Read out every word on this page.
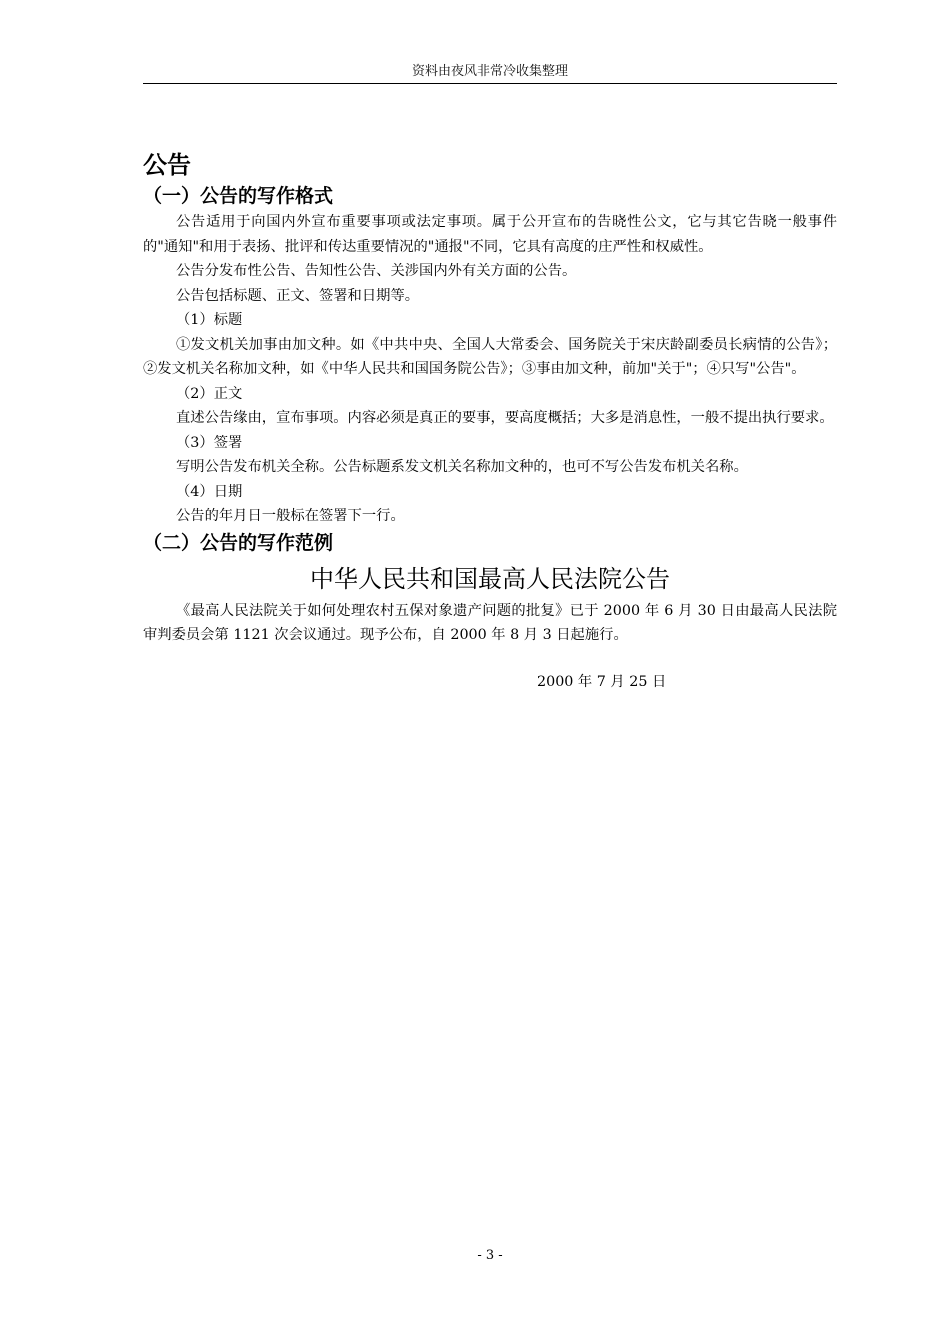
资料由夜风非常冷收集整理
公告
（一）公告的写作格式

公告适用于向国内外宣布重要事项或法定事项。属于公开宣布的告晓性公文，它与其它告晓一般事件的"通知"和用于表扬、批评和传达重要情况的"通报"不同，它具有高度的庄严性和权威性。

公告分发布性公告、告知性公告、关涉国内外有关方面的公告。

公告包括标题、正文、签署和日期等。

（1）标题

①发文机关加事由加文种。如《中共中央、全国人大常委会、国务院关于宋庆龄副委员长病情的公告》；②发文机关名称加文种，如《中华人民共和国国务院公告》；③事由加文种，前加"关于"；④只写"公告"。

（2）正文

直述公告缘由，宣布事项。内容必须是真正的要事，要高度概括；大多是消息性，一般不提出执行要求。

（3）签署

写明公告发布机关全称。公告标题系发文机关名称加文种的，也可不写公告发布机关名称。

（4）日期

公告的年月日一般标在签署下一行。

（二）公告的写作范例
中华人民共和国最高人民法院公告

《最高人民法院关于如何处理农村五保对象遗产问题的批复》已于 2000 年 6 月 30 日由最高人民法院审判委员会第 1121 次会议通过。现予公布，自 2000 年 8 月 3 日起施行。

2000 年 7 月 25 日

- 3 -
